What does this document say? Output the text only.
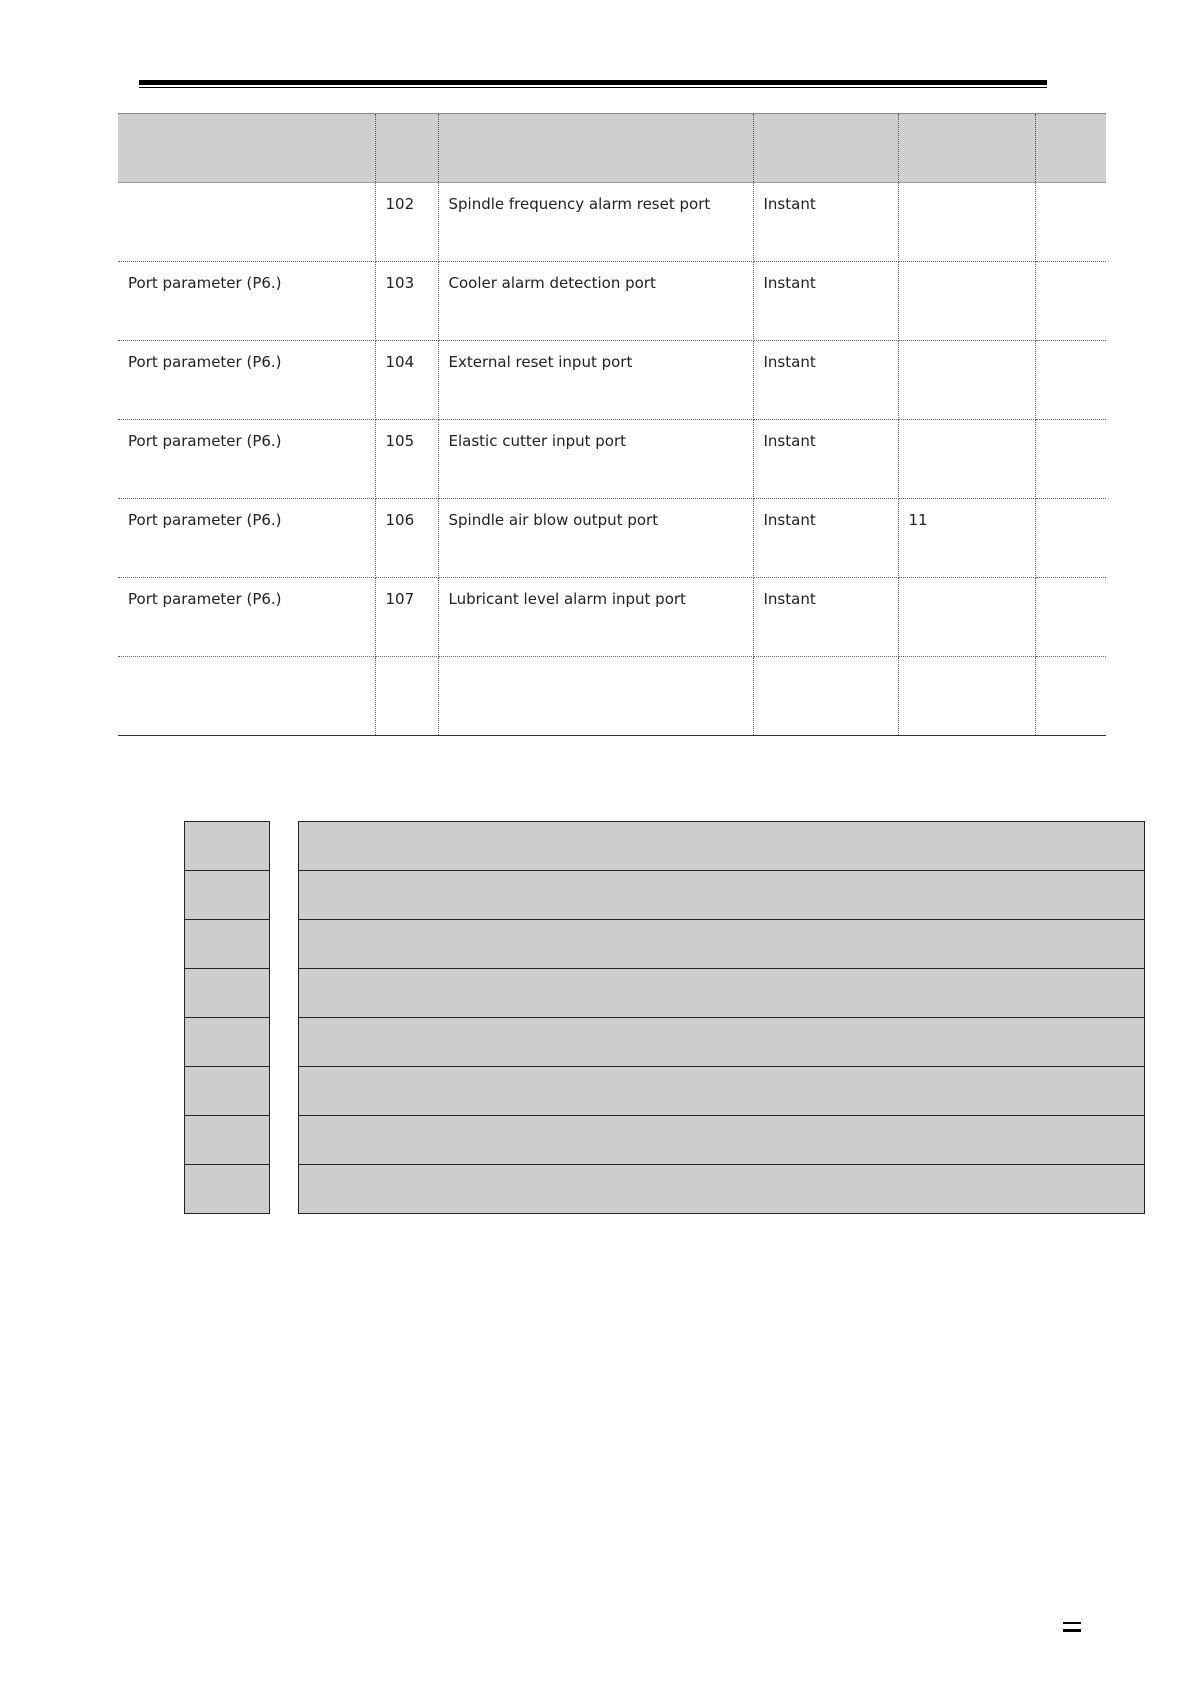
	102	Spindle frequency alarm reset port	Instant		
Port parameter (P6.)	103	Cooler alarm detection port	Instant		
Port parameter (P6.)	104	External reset input port	Instant		
Port parameter (P6.)	105	Elastic cutter input port	Instant		
Port parameter (P6.)	106	Spindle air blow output port	Instant	11	
Port parameter (P6.)	107	Lubricant level alarm input port	Instant		
